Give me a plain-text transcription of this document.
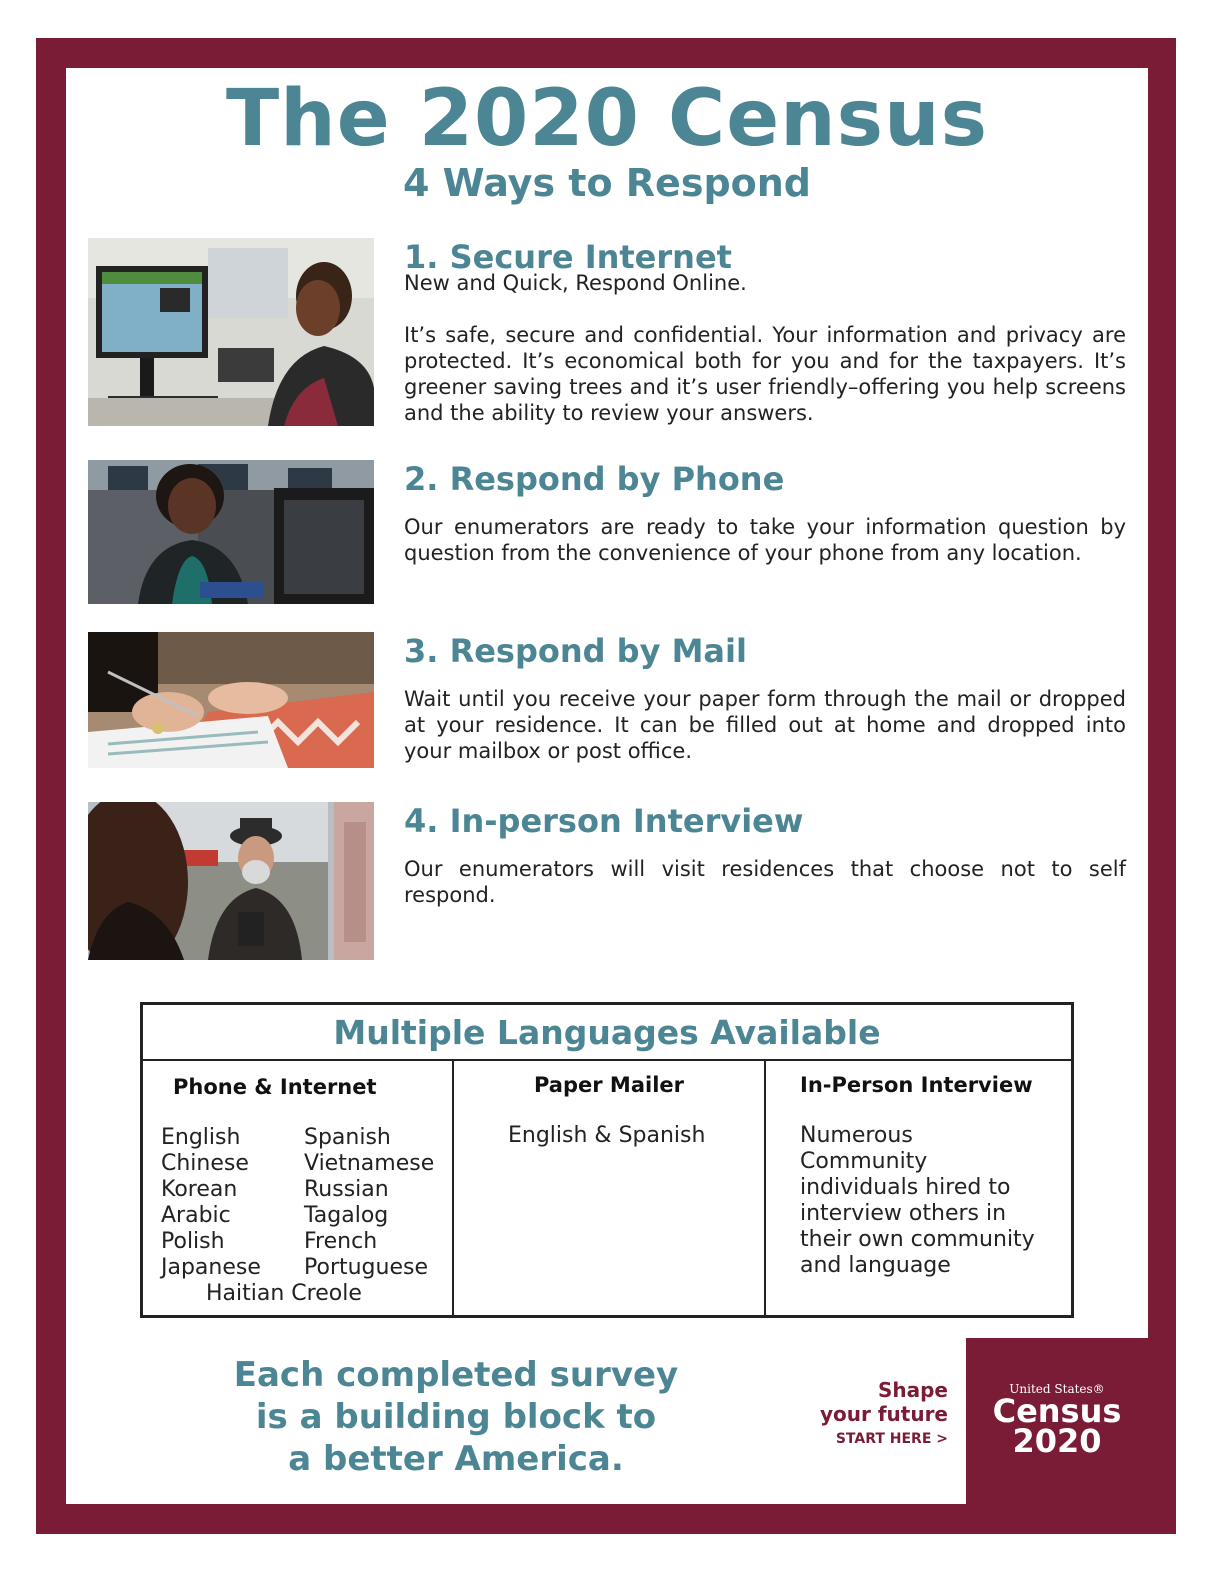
The 2020 Census
4 Ways to Respond
1. Secure Internet

New and Quick, Respond Online.

It’s safe, secure and confidential. Your information and privacy are protected. It’s economical both for you and for the taxpayers. It’s greener saving trees and it’s user friendly–offering you help screens and the ability to review your answers.

2. Respond by Phone

Our enumerators are ready to take your information question by question from the convenience of your phone from any location.

3. Respond by Mail

Wait until you receive your paper form through the mail or dropped at your residence. It can be filled out at home and dropped into your mailbox or post office.

4. In-person Interview

Our enumerators will visit residences that choose not to self respond.

Multiple Languages Available
Phone & Internet
English	Spanish
Chinese	Vietnamese
Korean	Russian
Arabic	Tagalog
Polish	French
Japanese	Portuguese
Haitian Creole
Paper Mailer
English & Spanish
In-Person Interview
Numerous
Community
individuals hired to
interview others in
their own community
and language
Each completed survey
is a building block to
a better America.
Shape
your future
START HERE >
United States®
Census
2020
